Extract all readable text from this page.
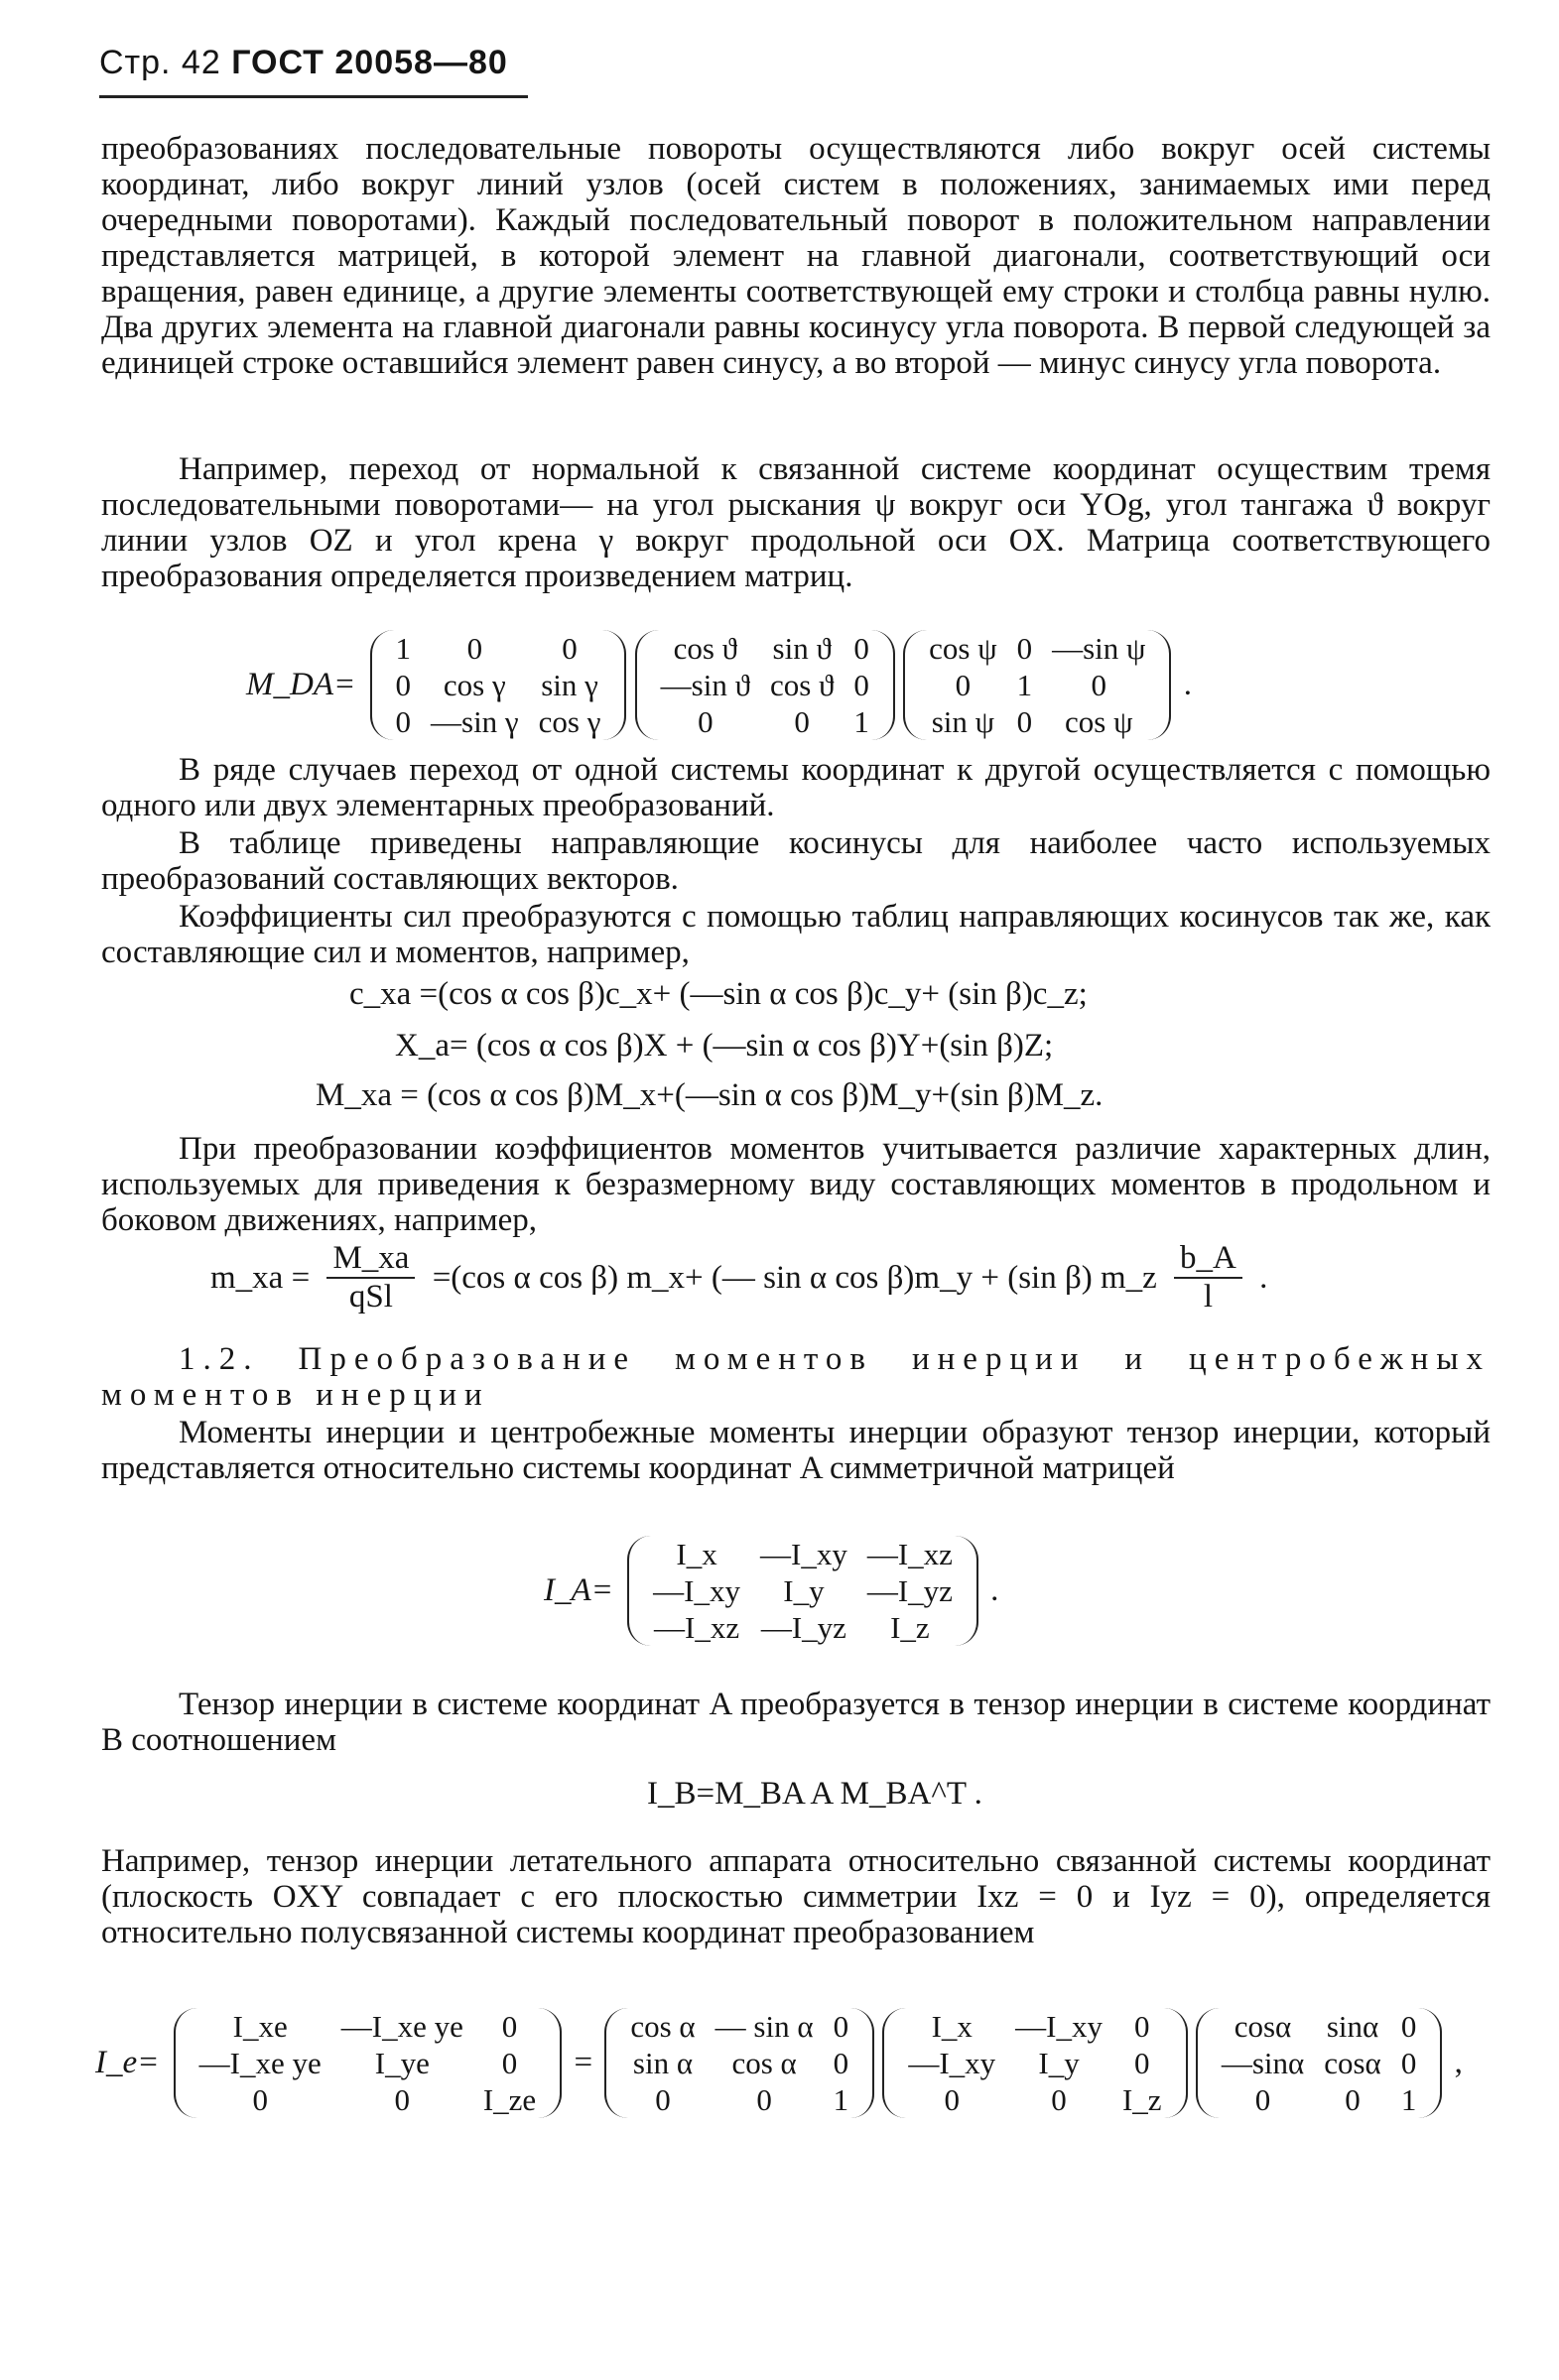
Стр. 42 ГОСТ 20058—80

преобразованиях последовательные повороты осуществляются либо вокруг осей системы координат, либо вокруг линий узлов (осей систем в положениях, занимаемых ими перед очередными поворотами). Каждый последовательный поворот в положительном направлении представляется матрицей, в которой элемент на главной диагонали, соответствующий оси вращения, равен единице, а другие элементы соответствующей ему строки и столбца равны нулю. Два других элемента на главной диагонали равны косинусу угла поворота. В первой следующей за единицей строке оставшийся элемент равен синусу, а во второй — минус синусу угла поворота.

Например, переход от нормальной к связанной системе координат осуществим тремя последовательными поворотами— на угол рыскания ψ вокруг оси YOg, угол тангажа ϑ вокруг линии узлов OZ и угол крена γ вокруг продольной оси OX. Матрица соответствующего преобразования определяется произведением матриц.

M_DA=
1	0	0
0	cos γ	sin γ
0	—sin γ	cos γ

cos ϑ	sin ϑ	0
—sin ϑ	cos ϑ	0
0	0	1

cos ψ	0	—sin ψ
0	1	0
sin ψ	0	cos ψ
.

В ряде случаев переход от одной системы координат к другой осуществляется с помощью одного или двух элементарных преобразований.

В таблице приведены направляющие косинусы для наиболее часто используемых преобразований составляющих векторов.

Коэффициенты сил преобразуются с помощью таблиц направляющих косинусов так же, как составляющие сил и моментов, например,

c_xa =(cos α cos β)c_x+ (—sin α cos β)c_y+ (sin β)c_z;
X_a= (cos α cos β)X + (—sin α cos β)Y+(sin β)Z;
M_xa = (cos α cos β)M_x+(—sin α cos β)M_y+(sin β)M_z.

При преобразовании коэффициентов моментов учитывается различие характерных длин, используемых для приведения к безразмерному виду составляющих моментов в продольном и боковом движениях, например,

m_xa = $\frac{M\_xa}{\text{qSl}} =(\cos$ α cos β) m_x+ (— sin α cos β)m_y + (sin β) m_z $\frac{b\_A}{l}$ .

1.2. Преобразование моментов инерции и центробежных моментов инерции

Моменты инерции и центробежные моменты инерции образуют тензор инерции, который представляется относительно системы координат A симметричной матрицей

I_A=
I_x	—I_xy	—I_xz
—I_xy	I_y	—I_yz
—I_xz	—I_yz	I_z
.

Тензор инерции в системе координат A преобразуется в тензор инерции в системе координат B соотношением

I_B=M_BA A M_BA^T .

Например, тензор инерции летательного аппарата относительно связанной системы координат (плоскость OXY совпадает с его плоскостью симметрии Ixz = 0 и Iyz = 0), определяется относительно полусвязанной системы координат преобразованием

I_e=
I_xe	—I_xe ye	0
—I_xe ye	I_ye	0
0	0	I_ze
=
cos α	— sin α	0
sin α	cos α	0
0	0	1

I_x	—I_xy	0
—I_xy	I_y	0
0	0	I_z

cosα	sinα	0
—sinα	cosα	0
0	0	1
,
